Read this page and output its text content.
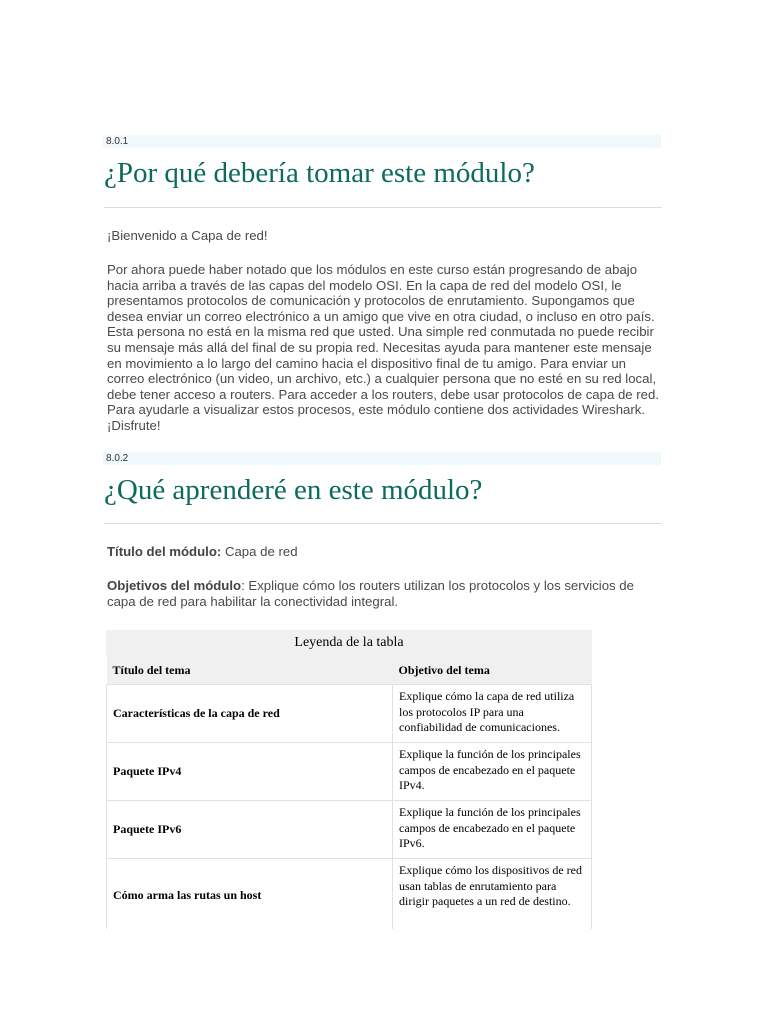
8.0.1
¿Por qué debería tomar este módulo?

¡Bienvenido a Capa de red!

Por ahora puede haber notado que los módulos en este curso están progresando de abajo hacia arriba a través de las capas del modelo OSI. En la capa de red del modelo OSI, le presentamos protocolos de comunicación y protocolos de enrutamiento. Supongamos que desea enviar un correo electrónico a un amigo que vive en otra ciudad, o incluso en otro país. Esta persona no está en la misma red que usted. Una simple red conmutada no puede recibir su mensaje más allá del final de su propia red. Necesitas ayuda para mantener este mensaje en movimiento a lo largo del camino hacia el dispositivo final de tu amigo. Para enviar un correo electrónico (un video, un archivo, etc.) a cualquier persona que no esté en su red local, debe tener acceso a routers. Para acceder a los routers, debe usar protocolos de capa de red. Para ayudarle a visualizar estos procesos, este módulo contiene dos actividades Wireshark. ¡Disfrute!

8.0.2
¿Qué aprenderé en este módulo?

Título del módulo: Capa de red

Objetivos del módulo: Explique cómo los routers utilizan los protocolos y los servicios de capa de red para habilitar la conectividad integral.

Leyenda de la tabla
Título del tema	Objetivo del tema
Características de la capa de red	Explique cómo la capa de red utiliza los protocolos IP para una confiabilidad de comunicaciones.
Paquete IPv4	Explique la función de los principales campos de encabezado en el paquete IPv4.
Paquete IPv6	Explique la función de los principales campos de encabezado en el paquete IPv6.
Cómo arma las rutas un host	Explique cómo los dispositivos de red usan tablas de enrutamiento para dirigir paquetes a un red de destino.
